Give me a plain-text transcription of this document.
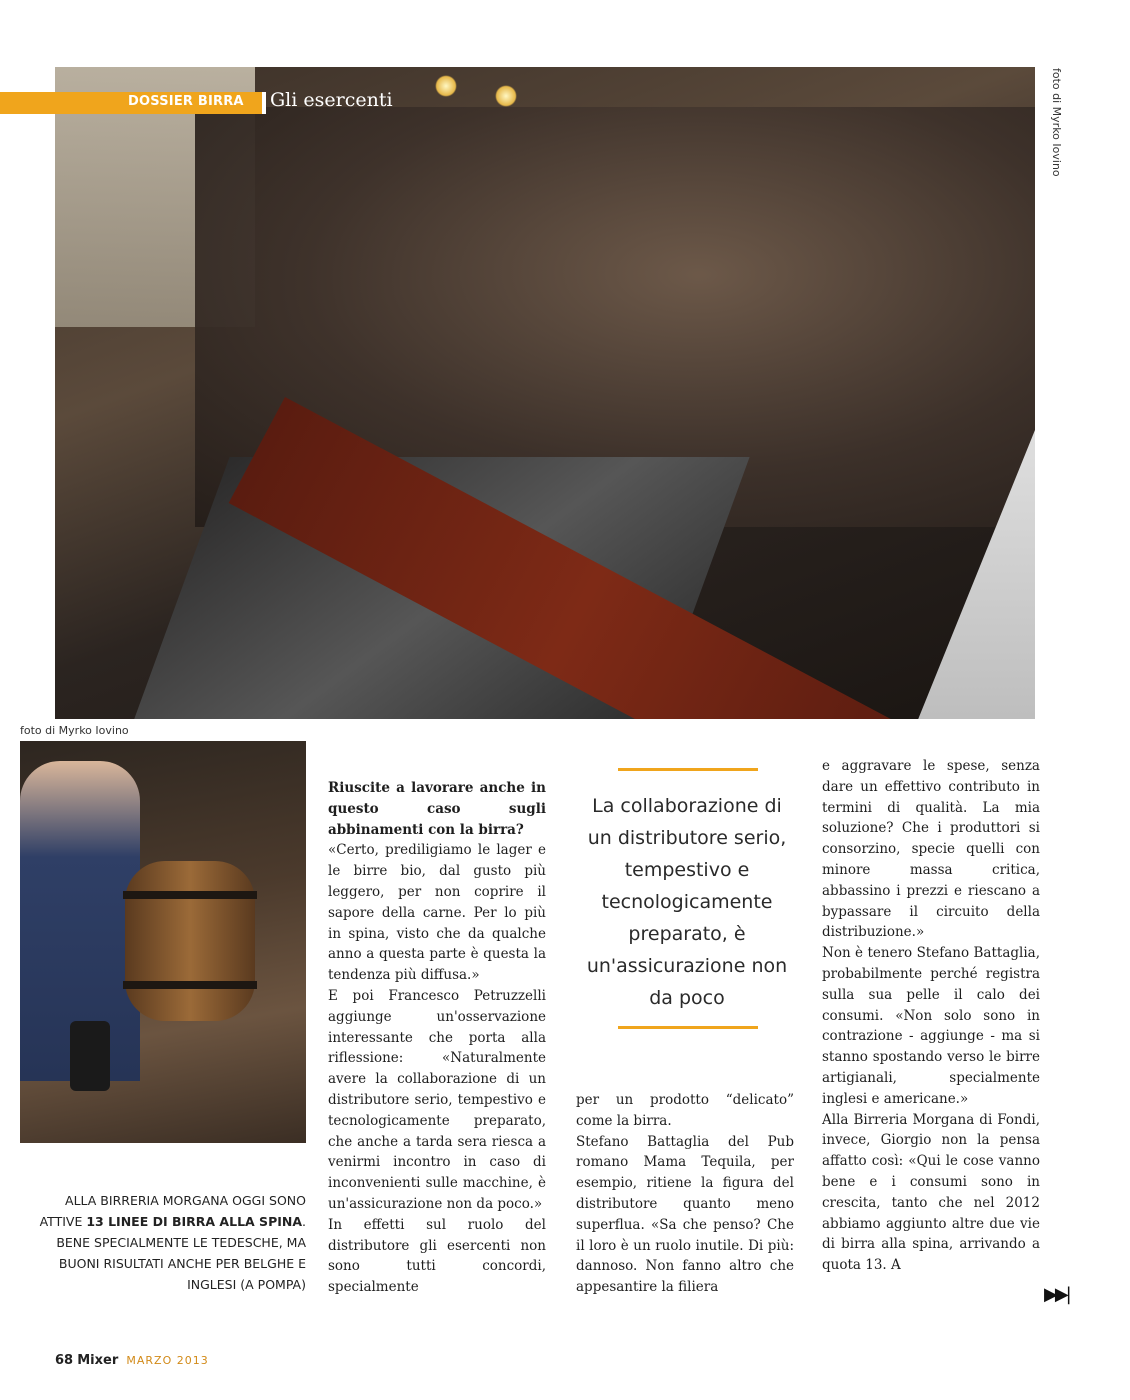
DOSSIER BIRRA Gli esercenti	foto di Myrko Iovino
foto di Myrko Iovino
ALLA BIRRERIA MORGANA OGGI SONO ATTIVE 13 LINEE DI BIRRA ALLA SPINA. BENE SPECIALMENTE LE TEDESCHE, MA BUONI RISULTATI ANCHE PER BELGHE E INGLESI (A POMPA)

Riuscite a lavorare anche in questo caso sugli abbinamenti con la birra?

«Certo, prediligiamo le lager e le birre bio, dal gusto più leggero, per non coprire il sapore della carne. Per lo più in spina, visto che da qualche anno a questa parte è questa la tendenza più diffusa.»

E poi Francesco Petruzzelli aggiunge un'osservazione interessante che porta alla riflessione: «Naturalmente avere la collaborazione di un distributore serio, tempestivo e tecnologicamente preparato, che anche a tarda sera riesca a venirmi incontro in caso di inconvenienti sulle macchine, è un'assicurazione non da poco.»

In effetti sul ruolo del distributore gli esercenti non sono tutti concordi, specialmente

La collaborazione di un distributore serio, tempestivo e tecnologicamente preparato, è un'assicurazione non da poco

per un prodotto “delicato” come la birra.

Stefano Battaglia del Pub romano Mama Tequila, per esempio, ritiene la figura del distributore quanto meno superflua. «Sa che penso? Che il loro è un ruolo inutile. Di più: dannoso. Non fanno altro che appesantire la filiera

e aggravare le spese, senza dare un effettivo contributo in termini di qualità. La mia soluzione? Che i produttori si consorzino, specie quelli con minore massa critica, abbassino i prezzi e riescano a bypassare il circuito della distribuzione.»

Non è tenero Stefano Battaglia, probabilmente perché registra sulla sua pelle il calo dei consumi. «Non solo sono in contrazione - aggiunge - ma si stanno spostando verso le birre artigianali, specialmente inglesi e americane.»

Alla Birreria Morgana di Fondi, invece, Giorgio non la pensa affatto così: «Qui le cose vanno bene e i consumi sono in crescita, tanto che nel 2012 abbiamo aggiunto altre due vie di birra alla spina, arrivando a quota 13. A

▶▶|
68 Mixer MARZO 2013
